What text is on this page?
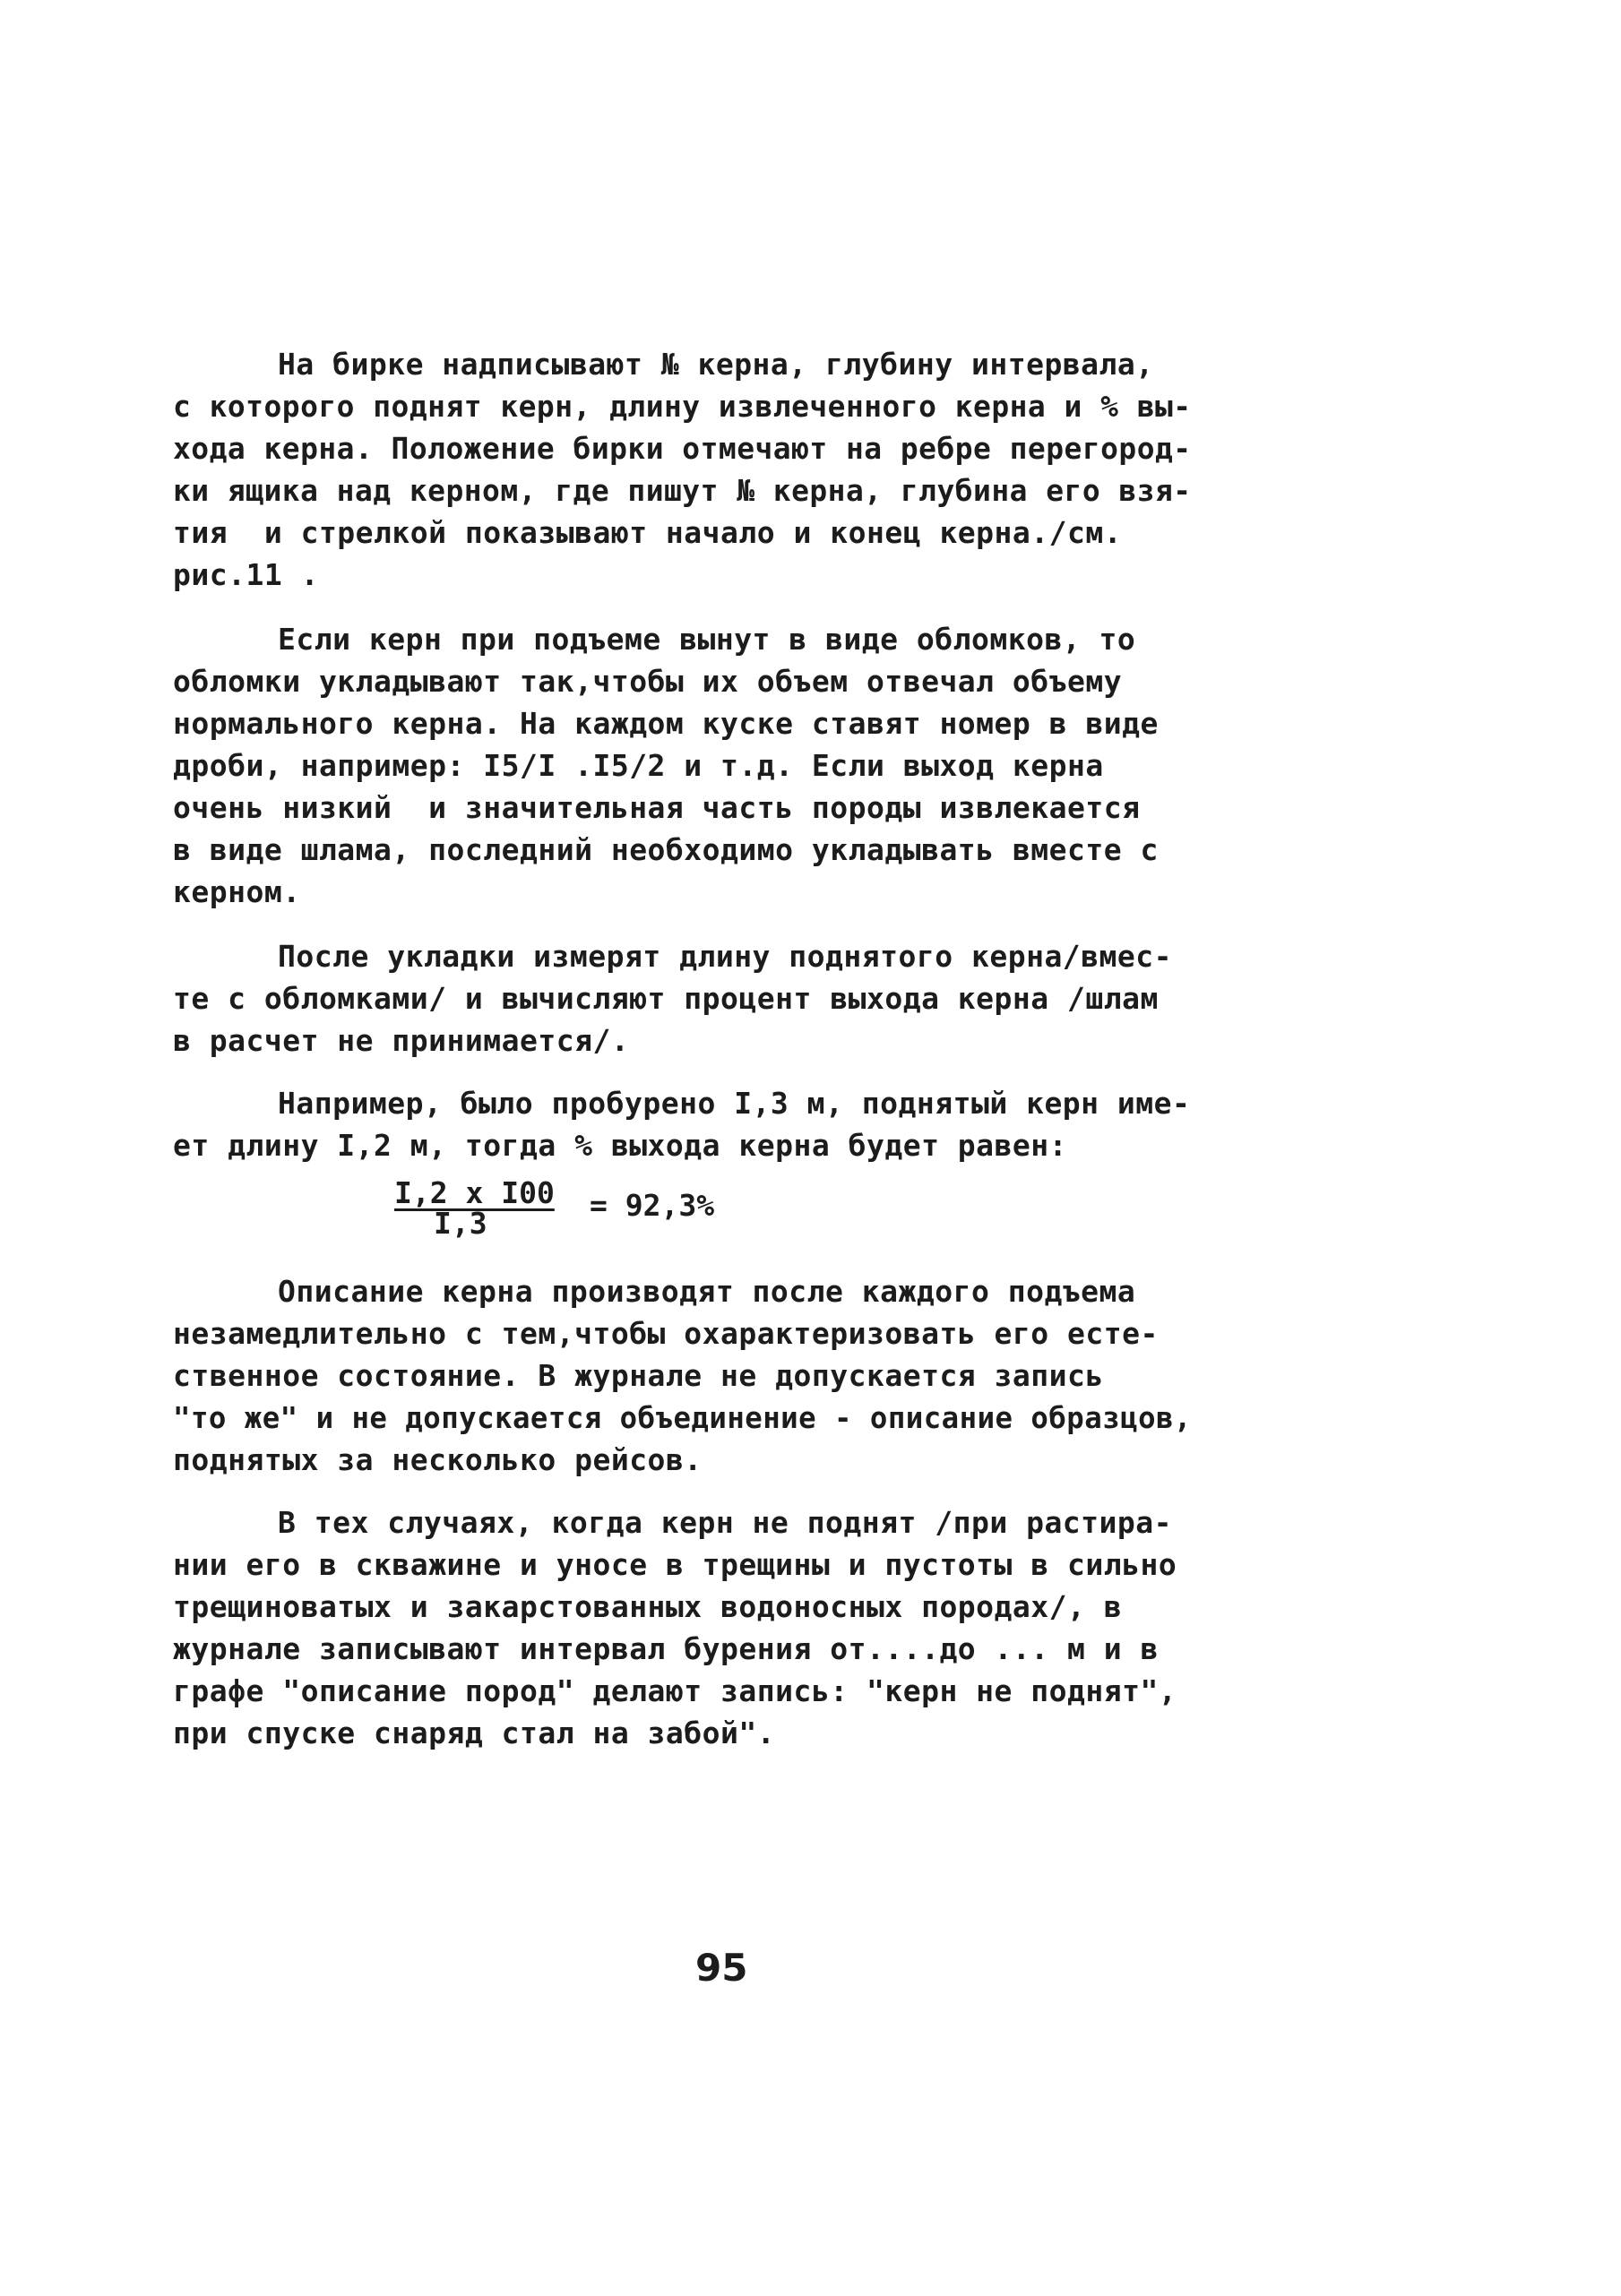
На бирке надписывают № керна, глубину интервала,
с которого поднят керн, длину извлеченного керна и % вы-
хода керна. Положение бирки отмечают на ребре перегород-
ки ящика над керном, где пишут № керна, глубина его взя-
тия  и стрелкой показывают начало и конец керна./см.
рис.11 .
Если керн при подъеме вынут в виде обломков, то
обломки укладывают так,чтобы их объем отвечал объему
нормального керна. На каждом куске ставят номер в виде
дроби, например: I5/I .I5/2 и т.д. Если выход керна
очень низкий  и значительная часть породы извлекается
в виде шлама, последний необходимо укладывать вместе с
керном.
После укладки измерят длину поднятого керна/вмес-
те с обломками/ и вычисляют процент выхода керна /шлам
в расчет не принимается/.
Например, было пробурено I,3 м, поднятый керн име-
ет длину I,2 м, тогда % выхода керна будет равен:

I,2 x I00

I,3

= 92,3%

Описание керна производят после каждого подъема
незамедлительно с тем,чтобы охарактеризовать его есте-
ственное состояние. В журнале не допускается запись
"то же" и не допускается объединение - описание образцов,
поднятых за несколько рейсов.
В тех случаях, когда керн не поднят /при растира-
нии его в скважине и уносе в трещины и пустоты в сильно
трещиноватых и закарстованных водоносных породах/, в
журнале записывают интервал бурения от....до ... м и в
графе "описание пород" делают запись: "керн не поднят",
при спуске снаряд стал на забой".
95
